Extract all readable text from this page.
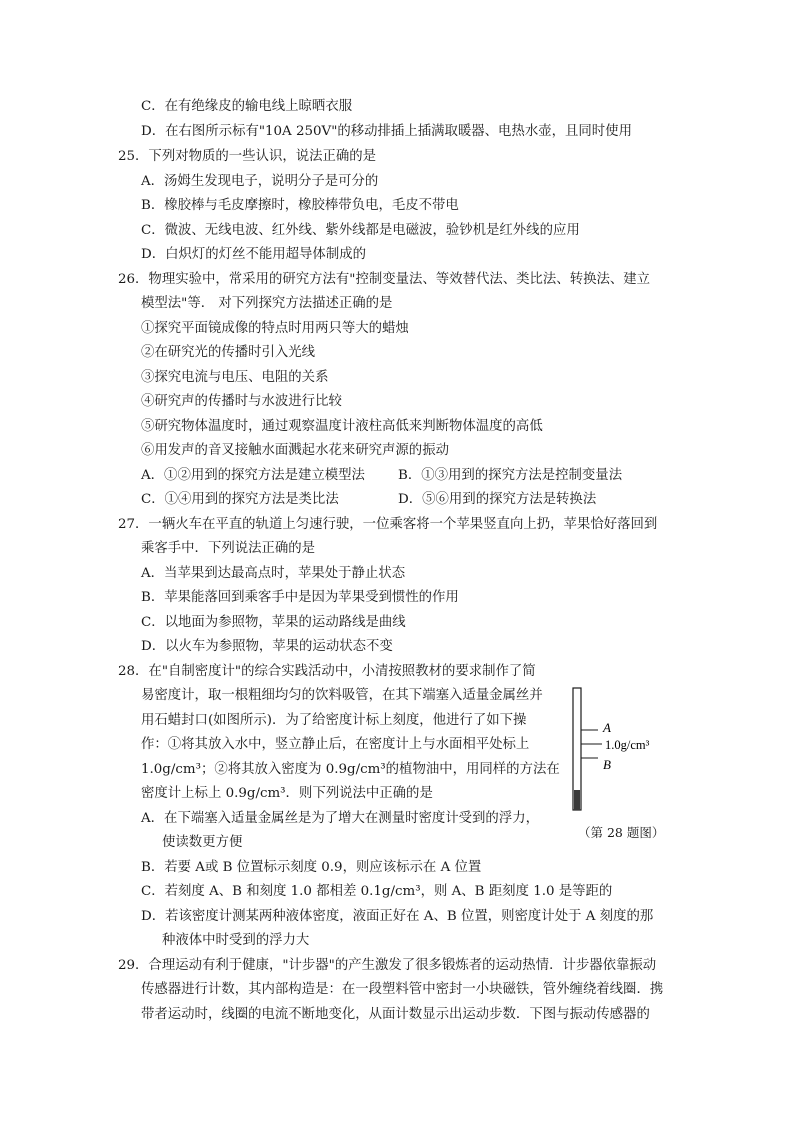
C．在有绝缘皮的输电线上晾晒衣服
D．在右图所示标有"10A 250V"的移动排插上插满取暖器、电热水壶，且同时使用
25．下列对物质的一些认识，说法正确的是
A．汤姆生发现电子，说明分子是可分的
B．橡胶棒与毛皮摩擦时，橡胶棒带负电，毛皮不带电
C．微波、无线电波、红外线、紫外线都是电磁波，验钞机是红外线的应用
D．白炽灯的灯丝不能用超导体制成的
26．物理实验中，常采用的研究方法有"控制变量法、等效替代法、类比法、转换法、建立
模型法"等． 对下列探究方法描述正确的是
①探究平面镜成像的特点时用两只等大的蜡烛
②在研究光的传播时引入光线
③探究电流与电压、电阻的关系
④研究声的传播时与水波进行比较
⑤研究物体温度时，通过观察温度计液柱高低来判断物体温度的高低
⑥用发声的音叉接触水面溅起水花来研究声源的振动
A．①②用到的探究方法是建立模型法 B．①③用到的探究方法是控制变量法
C．①④用到的探究方法是类比法	D．⑤⑥用到的探究方法是转换法
27．一辆火车在平直的轨道上匀速行驶，一位乘客将一个苹果竖直向上扔，苹果恰好落回到
乘客手中．下列说法正确的是
A．当苹果到达最高点时，苹果处于静止状态
B．苹果能落回到乘客手中是因为苹果受到惯性的作用
C．以地面为参照物，苹果的运动路线是曲线
D．以火车为参照物，苹果的运动状态不变
28．在"自制密度计"的综合实践活动中，小清按照教材的要求制作了简
易密度计，取一根粗细均匀的饮料吸管，在其下端塞入适量金属丝并
用石蜡封口(如图所示)．为了给密度计标上刻度，他进行了如下操
作：①将其放入水中，竖立静止后，在密度计上与水面相平处标上
1.0g/cm³；②将其放入密度为 0.9g/cm³的植物油中，用同样的方法在
密度计上标上 0.9g/cm³．则下列说法中正确的是
A．在下端塞入适量金属丝是为了增大在测量时密度计受到的浮力，
使读数更方便
B．若要 A或 B 位置标示刻度 0.9，则应该标示在 A 位置
C．若刻度 A、B 和刻度 1.0 都相差 0.1g/cm³，则 A、B 距刻度 1.0 是等距的
D．若该密度计测某两种液体密度，液面正好在 A、B 位置，则密度计处于 A 刻度的那
种液体中时受到的浮力大
A
1.0g/cm³
B
（第 28 题图）
29．合理运动有利于健康，"计步器"的产生激发了很多锻炼者的运动热情．计步器依靠振动
传感器进行计数，其内部构造是：在一段塑料管中密封一小块磁铁，管外缠绕着线圈．携
带者运动时，线圈的电流不断地变化，从面计数显示出运动步数．下图与振动传感器的
